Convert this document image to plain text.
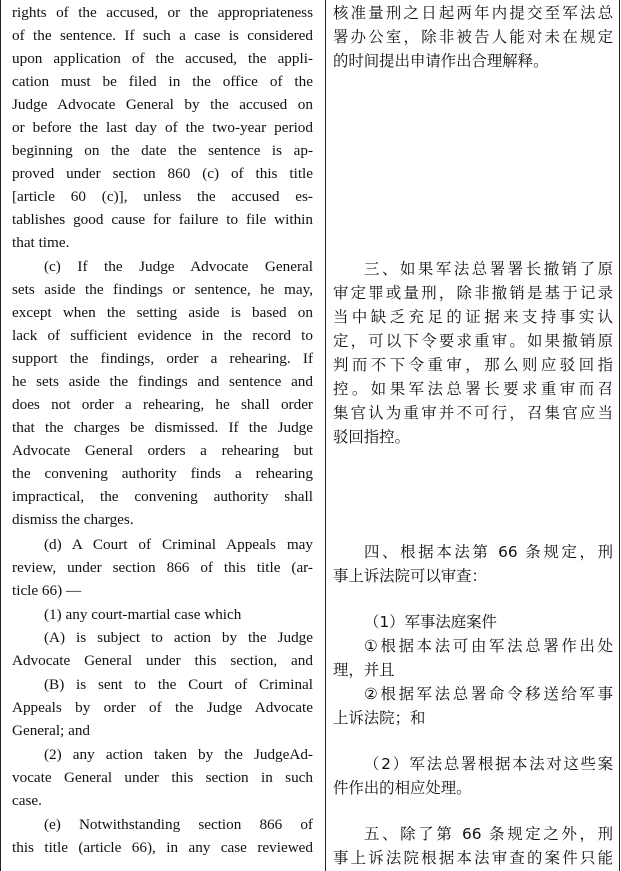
rights of the accused, or the appropriateness
of the sentence. If such a case is considered
upon application of the accused, the appli-
cation must be filed in the office of the
Judge Advocate General by the accused on
or before the last day of the two-year period
beginning on the date the sentence is ap-
proved under section 860 (c) of this title
[article 60 (c)], unless the accused es-
tablishes good cause for failure to file within
that time.
(c) If the Judge Advocate General
sets aside the findings or sentence, he may,
except when the setting aside is based on
lack of sufficient evidence in the record to
support the findings, order a rehearing. If
he sets aside the findings and sentence and
does not order a rehearing, he shall order
that the charges be dismissed. If the Judge
Advocate General orders a rehearing but
the convening authority finds a rehearing
impractical, the convening authority shall
dismiss the charges.
(d) A Court of Criminal Appeals may
review, under section 866 of this title (ar-
ticle 66) —
(1) any court-martial case which
(A) is subject to action by the Judge
Advocate General under this section, and
(B) is sent to the Court of Criminal
Appeals by order of the Judge Advocate
General; and
(2) any action taken by the JudgeAd-
vocate General under this section in such
case.
(e) Notwithstanding section 866 of
this title (article 66), in any case reviewed
核准量刑之日起两年内提交至军法总
署办公室，除非被告人能对未在规定
的时间提出申请作出合理解释。
三、如果军法总署署长撤销了原
审定罪或量刑，除非撤销是基于记录
当中缺乏充足的证据来支持事实认
定，可以下令要求重审。如果撤销原
判而不下令重审，那么则应驳回指
控。如果军法总署长要求重审而召
集官认为重审并不可行，召集官应当
驳回指控。
四、根据本法第 66 条规定，刑
事上诉法院可以审查：
（1）军事法庭案件
①根据本法可由军法总署作出处
理，并且
②根据军法总署命令移送给军事
上诉法院；和
（2）军法总署根据本法对这些案
件作出的相应处理。
五、除了第 66 条规定之外，刑
事上诉法院根据本法审查的案件只能
